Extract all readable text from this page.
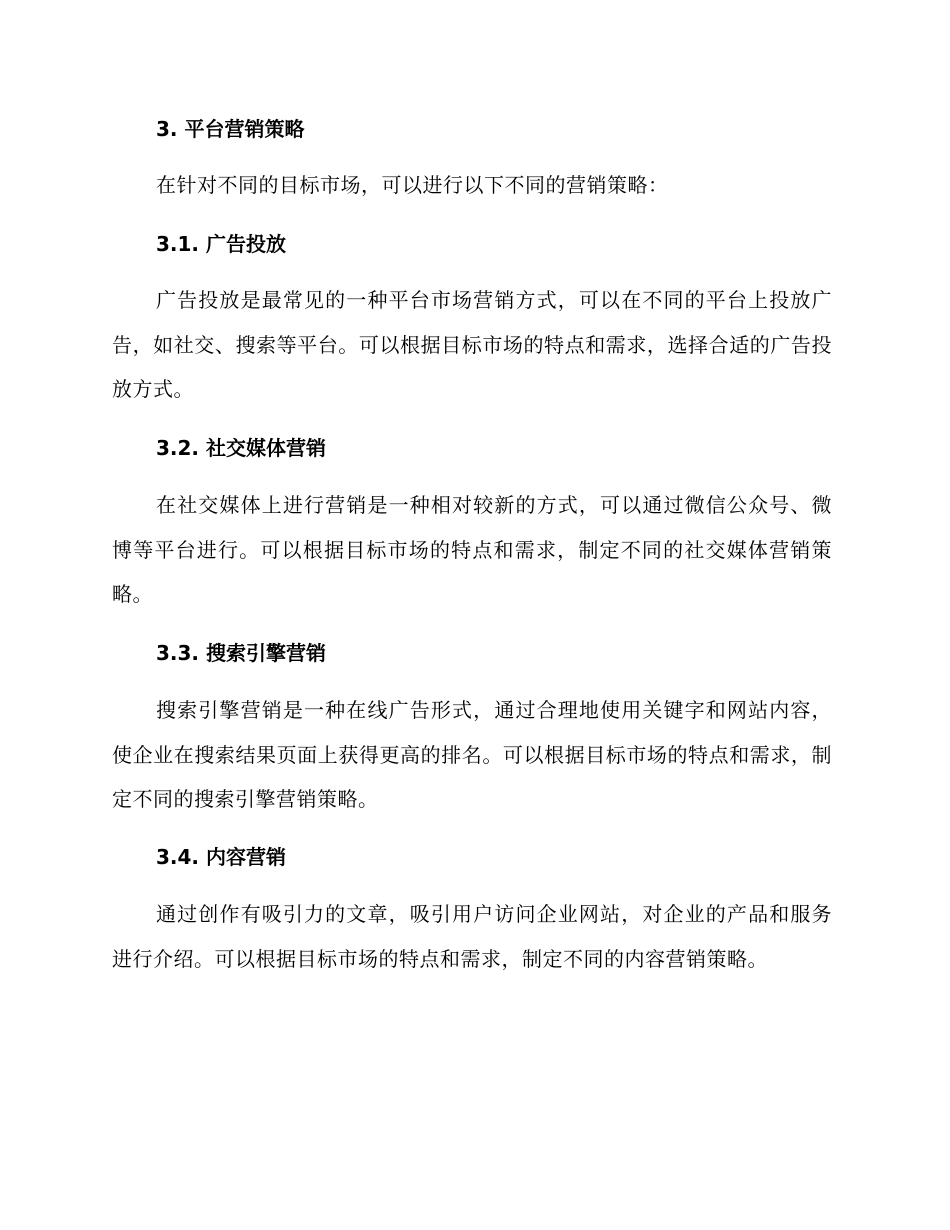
3. 平台营销策略
在针对不同的目标市场，可以进行以下不同的营销策略：
3.1. 广告投放
广告投放是最常见的一种平台市场营销方式，可以在不同的平台上投放广告，如社交、搜索等平台。可以根据目标市场的特点和需求，选择合适的广告投放方式。
3.2. 社交媒体营销
在社交媒体上进行营销是一种相对较新的方式，可以通过微信公众号、微博等平台进行。可以根据目标市场的特点和需求，制定不同的社交媒体营销策略。
3.3. 搜索引擎营销
搜索引擎营销是一种在线广告形式，通过合理地使用关键字和网站内容，使企业在搜索结果页面上获得更高的排名。可以根据目标市场的特点和需求，制定不同的搜索引擎营销策略。
3.4. 内容营销
通过创作有吸引力的文章，吸引用户访问企业网站，对企业的产品和服务进行介绍。可以根据目标市场的特点和需求，制定不同的内容营销策略。
